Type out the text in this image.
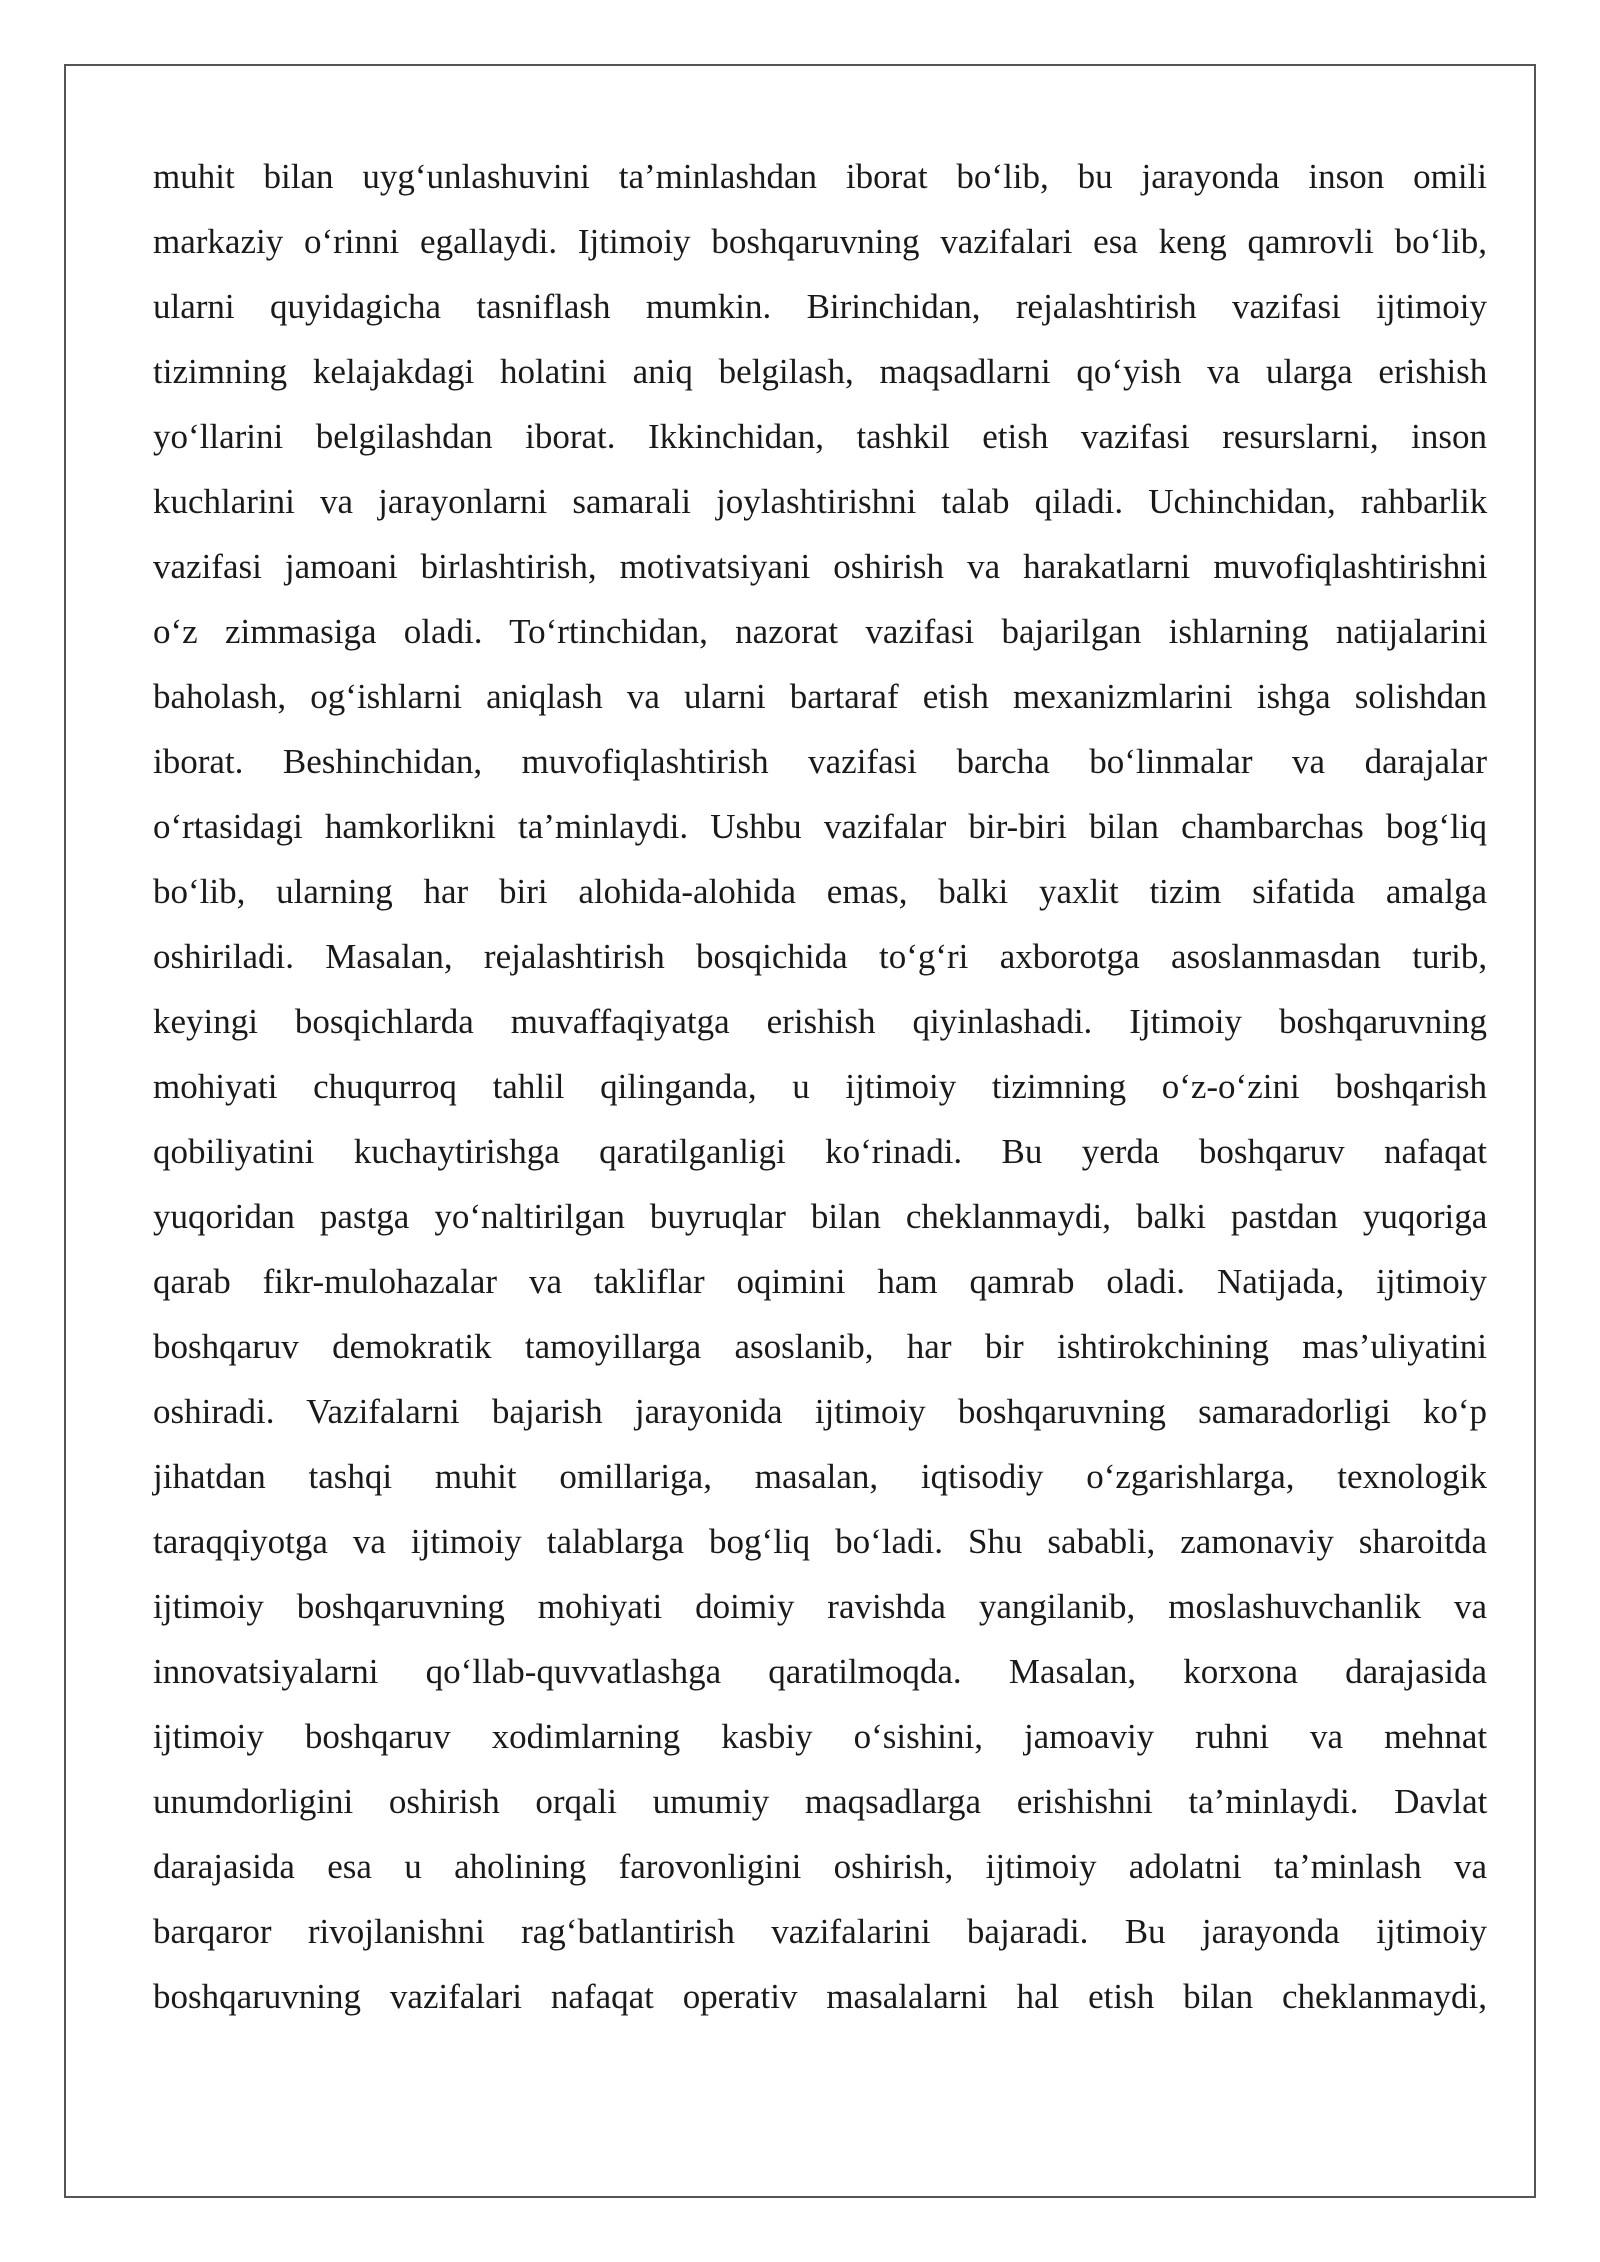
muhit bilan uyg‘unlashuvini ta’minlashdan iborat bo‘lib, bu jarayonda inson omili
markaziy o‘rinni egallaydi. Ijtimoiy boshqaruvning vazifalari esa keng qamrovli bo‘lib,
ularni quyidagicha tasniflash mumkin. Birinchidan, rejalashtirish vazifasi ijtimoiy
tizimning kelajakdagi holatini aniq belgilash, maqsadlarni qo‘yish va ularga erishish
yo‘llarini belgilashdan iborat. Ikkinchidan, tashkil etish vazifasi resurslarni, inson
kuchlarini va jarayonlarni samarali joylashtirishni talab qiladi. Uchinchidan, rahbarlik
vazifasi jamoani birlashtirish, motivatsiyani oshirish va harakatlarni muvofiqlashtirishni
o‘z zimmasiga oladi. To‘rtinchidan, nazorat vazifasi bajarilgan ishlarning natijalarini
baholash, og‘ishlarni aniqlash va ularni bartaraf etish mexanizmlarini ishga solishdan
iborat. Beshinchidan, muvofiqlashtirish vazifasi barcha bo‘linmalar va darajalar
o‘rtasidagi hamkorlikni ta’minlaydi. Ushbu vazifalar bir-biri bilan chambarchas bog‘liq
bo‘lib, ularning har biri alohida-alohida emas, balki yaxlit tizim sifatida amalga
oshiriladi. Masalan, rejalashtirish bosqichida to‘g‘ri axborotga asoslanmasdan turib,
keyingi bosqichlarda muvaffaqiyatga erishish qiyinlashadi. Ijtimoiy boshqaruvning
mohiyati chuqurroq tahlil qilinganda, u ijtimoiy tizimning o‘z-o‘zini boshqarish
qobiliyatini kuchaytirishga qaratilganligi ko‘rinadi. Bu yerda boshqaruv nafaqat
yuqoridan pastga yo‘naltirilgan buyruqlar bilan cheklanmaydi, balki pastdan yuqoriga
qarab fikr-mulohazalar va takliflar oqimini ham qamrab oladi. Natijada, ijtimoiy
boshqaruv demokratik tamoyillarga asoslanib, har bir ishtirokchining mas’uliyatini
oshiradi. Vazifalarni bajarish jarayonida ijtimoiy boshqaruvning samaradorligi ko‘p
jihatdan tashqi muhit omillariga, masalan, iqtisodiy o‘zgarishlarga, texnologik
taraqqiyotga va ijtimoiy talablarga bog‘liq bo‘ladi. Shu sababli, zamonaviy sharoitda
ijtimoiy boshqaruvning mohiyati doimiy ravishda yangilanib, moslashuvchanlik va
innovatsiyalarni qo‘llab-quvvatlashga qaratilmoqda. Masalan, korxona darajasida
ijtimoiy boshqaruv xodimlarning kasbiy o‘sishini, jamoaviy ruhni va mehnat
unumdorligini oshirish orqali umumiy maqsadlarga erishishni ta’minlaydi. Davlat
darajasida esa u aholining farovonligini oshirish, ijtimoiy adolatni ta’minlash va
barqaror rivojlanishni rag‘batlantirish vazifalarini bajaradi. Bu jarayonda ijtimoiy
boshqaruvning vazifalari nafaqat operativ masalalarni hal etish bilan cheklanmaydi,
